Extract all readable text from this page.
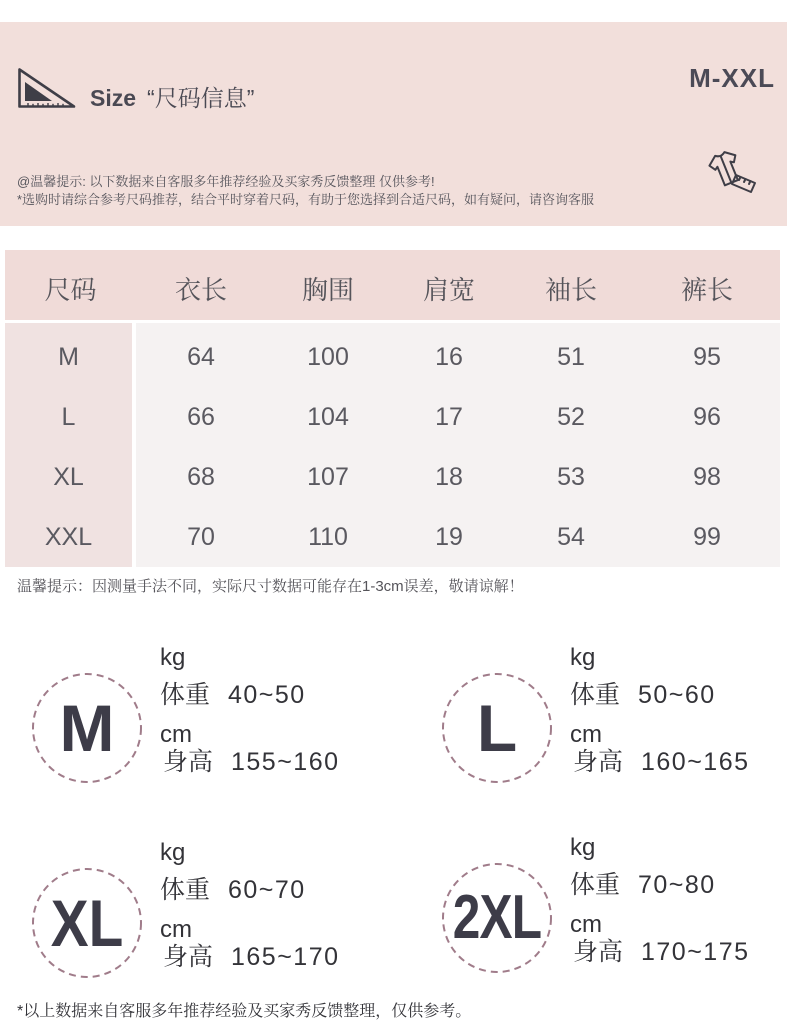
Size “尺码信息”
M-XXL
@温馨提示: 以下数据来自客服多年推荐经验及买家秀反馈整理 仅供参考!
*选购时请综合参考尺码推荐，结合平时穿着尺码，有助于您选择到合适尺码，如有疑问，请咨询客服
尺码	衣长	胸围	肩宽	袖长	裤长
M	64	100	16	51	95
L	66	104	17	52	96
XL	68	107	18	53	98
XXL	70	110	19	54	99
温馨提示：因测量手法不同，实际尺寸数据可能存在1-3cm误差，敬请谅解！
M
kg
体重 40~50
cm
身高 155~160	L
kg
体重 50~60
cm
身高 160~165
XL
kg
体重 60~70
cm
身高 165~170
2XL
kg
体重 70~80
cm
身高 170~175
*以上数据来自客服多年推荐经验及买家秀反馈整理，仅供参考。
